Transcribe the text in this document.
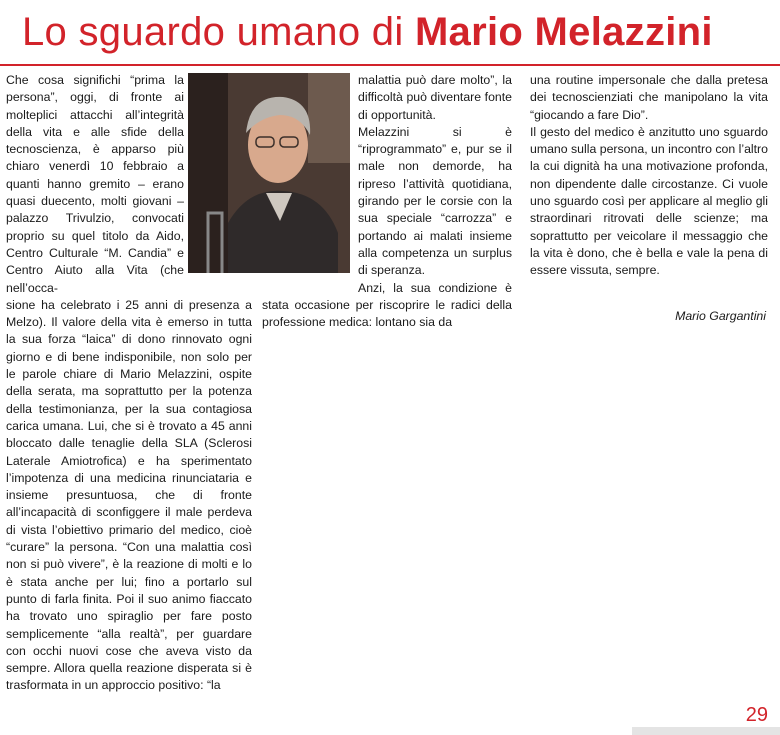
Lo sguardo umano di Mario Melazzini

Che cosa significhi “prima la persona”, oggi, di fronte ai molteplici attacchi all’integrità della vita e alle sfide della tecnoscienza, è apparso più chiaro venerdì 10 febbraio a quanti hanno gremito – erano quasi duecento, molti giovani – palazzo Trivulzio, convocati proprio su quel titolo da Aido, Centro Culturale “M. Candia” e Centro Aiuto alla Vita (che nell’occa-

sione ha celebrato i 25 anni di presenza a Melzo). Il valore della vita è emerso in tutta la sua forza “laica” di dono rinnovato ogni giorno e di bene indisponibile, non solo per le parole chiare di Mario Melazzini, ospite della serata, ma soprattutto per la potenza della testimonianza, per la sua contagiosa carica umana. Lui, che si è trovato a 45 anni bloccato dalle tenaglie della SLA (Sclerosi Laterale Amiotrofica) e ha sperimentato l’impotenza di una medicina rinunciataria e insieme presuntuosa, che di fronte all’incapacità di sconfiggere il male perdeva di vista l’obiettivo primario del medico, cioè “curare” la persona. “Con una malattia così non si può vivere”, è la reazione di molti e lo è stata anche per lui; fino a portarlo sul punto di farla finita. Poi il suo animo fiaccato ha trovato uno spiraglio per fare posto semplicemente “alla realtà”, per guardare con occhi nuovi cose che aveva visto da sempre. Allora quella reazione disperata si è trasformata in un approccio positivo: “la

malattia può dare molto”, la difficoltà può diventare fonte di opportunità.

Melazzini si è “riprogrammato” e, pur se il male non demorde, ha ripreso l’attività quotidiana, girando per le corsie con la sua speciale “carrozza” e portando ai malati insieme alla competenza un surplus di speranza.

Anzi, la sua condizione è stata occasione per riscoprire le radici della professione medica: lontano sia da

una routine impersonale che dalla pretesa dei tecnoscienziati che manipolano la vita “giocando a fare Dio”.

Il gesto del medico è anzitutto uno sguardo umano sulla persona, un incontro con l’altro la cui dignità ha una motivazione profonda, non dipendente dalle circostanze. Ci vuole uno sguardo così per applicare al meglio gli straordinari ritrovati delle scienze; ma soprattutto per veicolare il messaggio che la vita è dono, che è bella e vale la pena di essere vissuta, sempre.

Mario Gargantini
29
